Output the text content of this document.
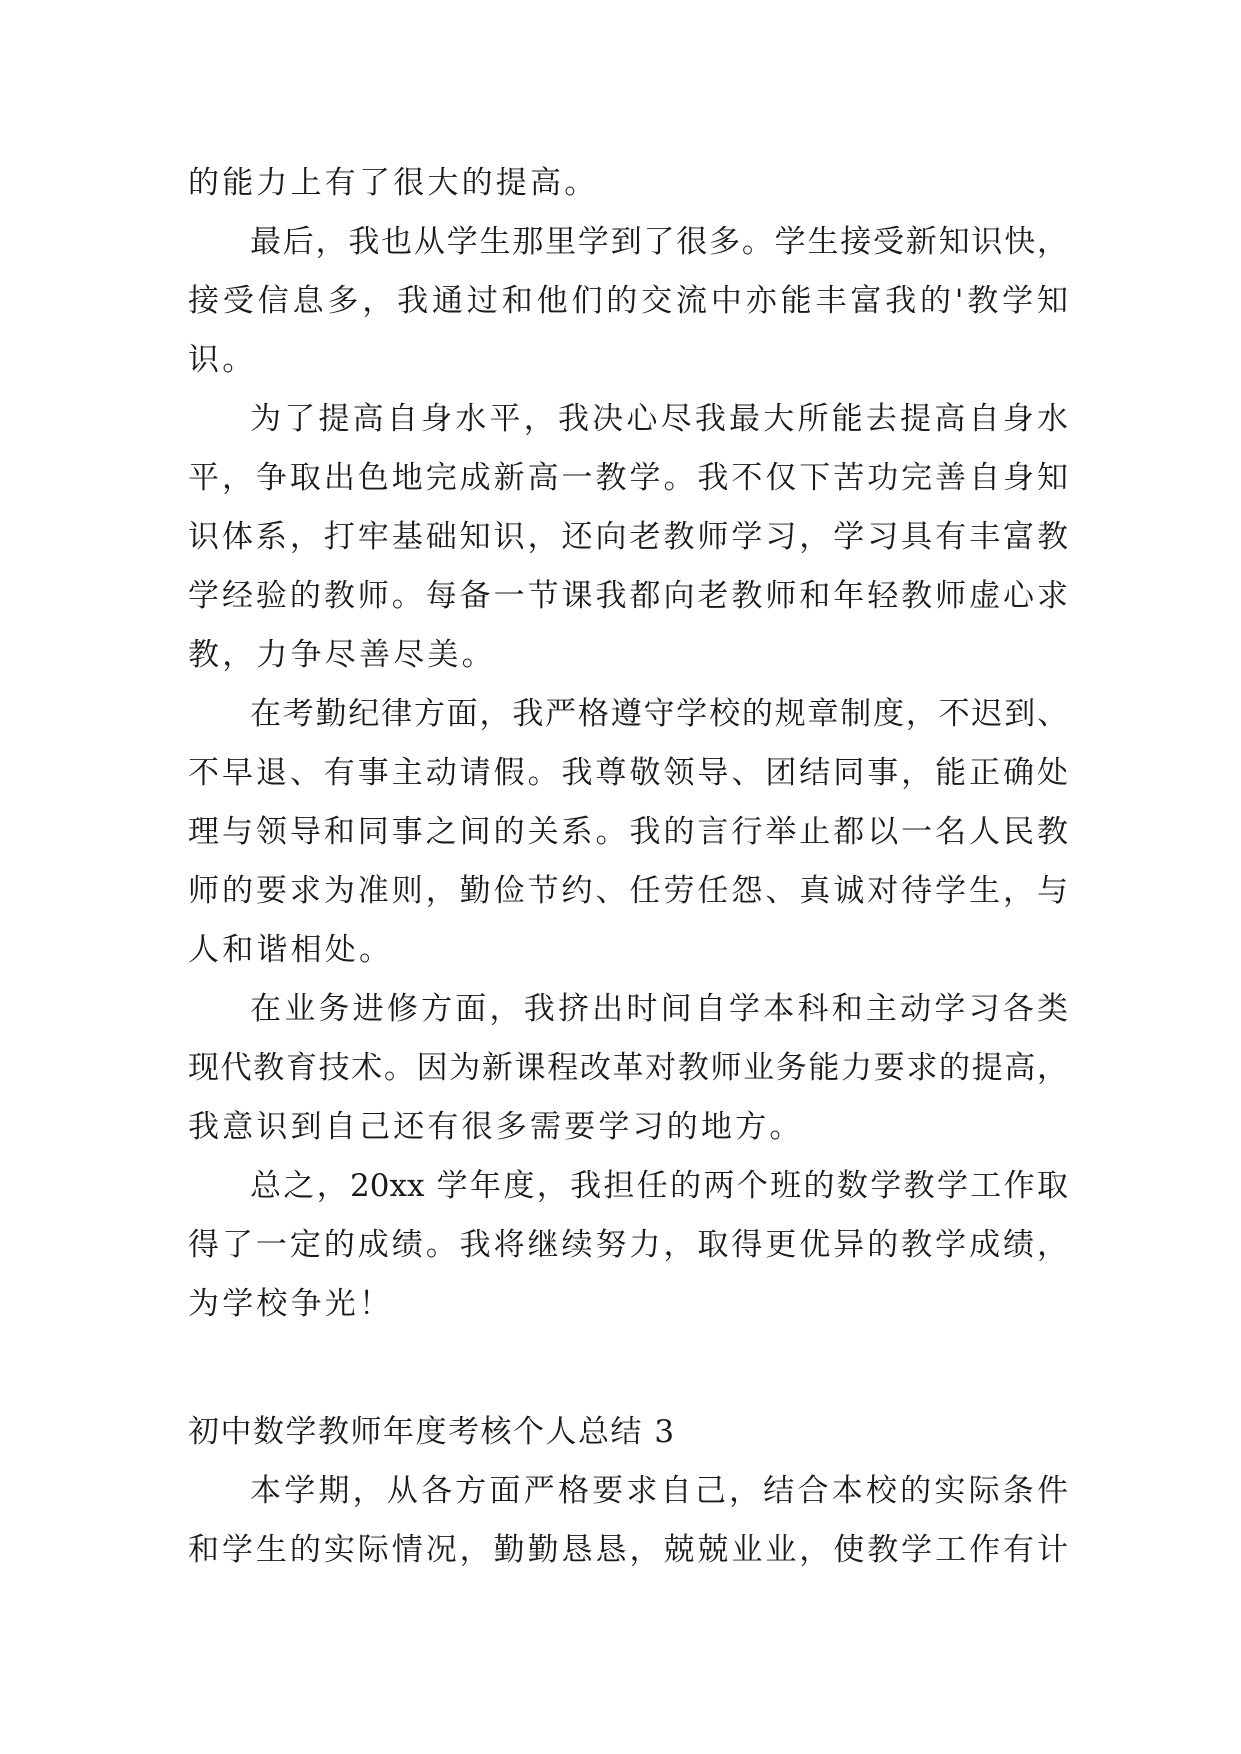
的能力上有了很大的提高。
最后，我也从学生那里学到了很多。学生接受新知识快，
接受信息多，我通过和他们的交流中亦能丰富我的'教学知
识。
为了提高自身水平，我决心尽我最大所能去提高自身水
平，争取出色地完成新高一教学。我不仅下苦功完善自身知
识体系，打牢基础知识，还向老教师学习，学习具有丰富教
学经验的教师。每备一节课我都向老教师和年轻教师虚心求
教，力争尽善尽美。
在考勤纪律方面，我严格遵守学校的规章制度，不迟到、
不早退、有事主动请假。我尊敬领导、团结同事，能正确处
理与领导和同事之间的关系。我的言行举止都以一名人民教
师的要求为准则，勤俭节约、任劳任怨、真诚对待学生，与
人和谐相处。
在业务进修方面，我挤出时间自学本科和主动学习各类
现代教育技术。因为新课程改革对教师业务能力要求的提高，
我意识到自己还有很多需要学习的地方。
总之，20xx 学年度，我担任的两个班的数学教学工作取
得了一定的成绩。我将继续努力，取得更优异的教学成绩，
为学校争光！
初中数学教师年度考核个人总结 3
本学期，从各方面严格要求自己，结合本校的实际条件
和学生的实际情况，勤勤恳恳，兢兢业业，使教学工作有计
